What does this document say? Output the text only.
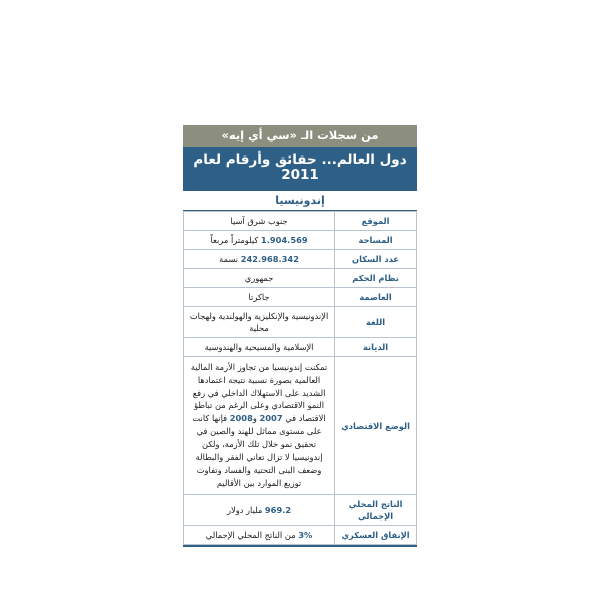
من سجلات الـ «سي أي إيه»
دول العالم... حقائق وأرقام لعام 2011
إندونيسيا
الموقع	جنوب شرق آسيا
المساحة	1.904.569 كيلومتراً مربعاً
عدد السكان	242.968.342 نسمة
نظام الحكم	جمهوري
العاصمة	جاكرتا
اللغة	الإندونيسية والإنكليزية والهولندية ولهجات محلية
الديانة	الإسلامية والمسيحية والهندوسية
الوضع الاقتصادي	تمكنت إندونيسيا من تجاوز الأزمة المالية العالمية بصورة نسبية نتيجة اعتمادها الشديد على الاستهلاك الداخلي في رفع النمو الاقتصادي وعلى الرغم من تباطؤ الاقتصاد في 2007 و2008 فإنها كانت على مستوى مماثل للهند والصين في تحقيق نمو خلال تلك الأزمة، ولكن إندونيسيا لا تزال تعاني الفقر والبطالة وضعف البنى التحتية والفساد وتفاوت توزيع الموارد بين الأقاليم
الناتج المحلي الإجمالي	969.2 مليار دولار
الإنفاق العسكري	3% من الناتج المحلي الإجمالي
